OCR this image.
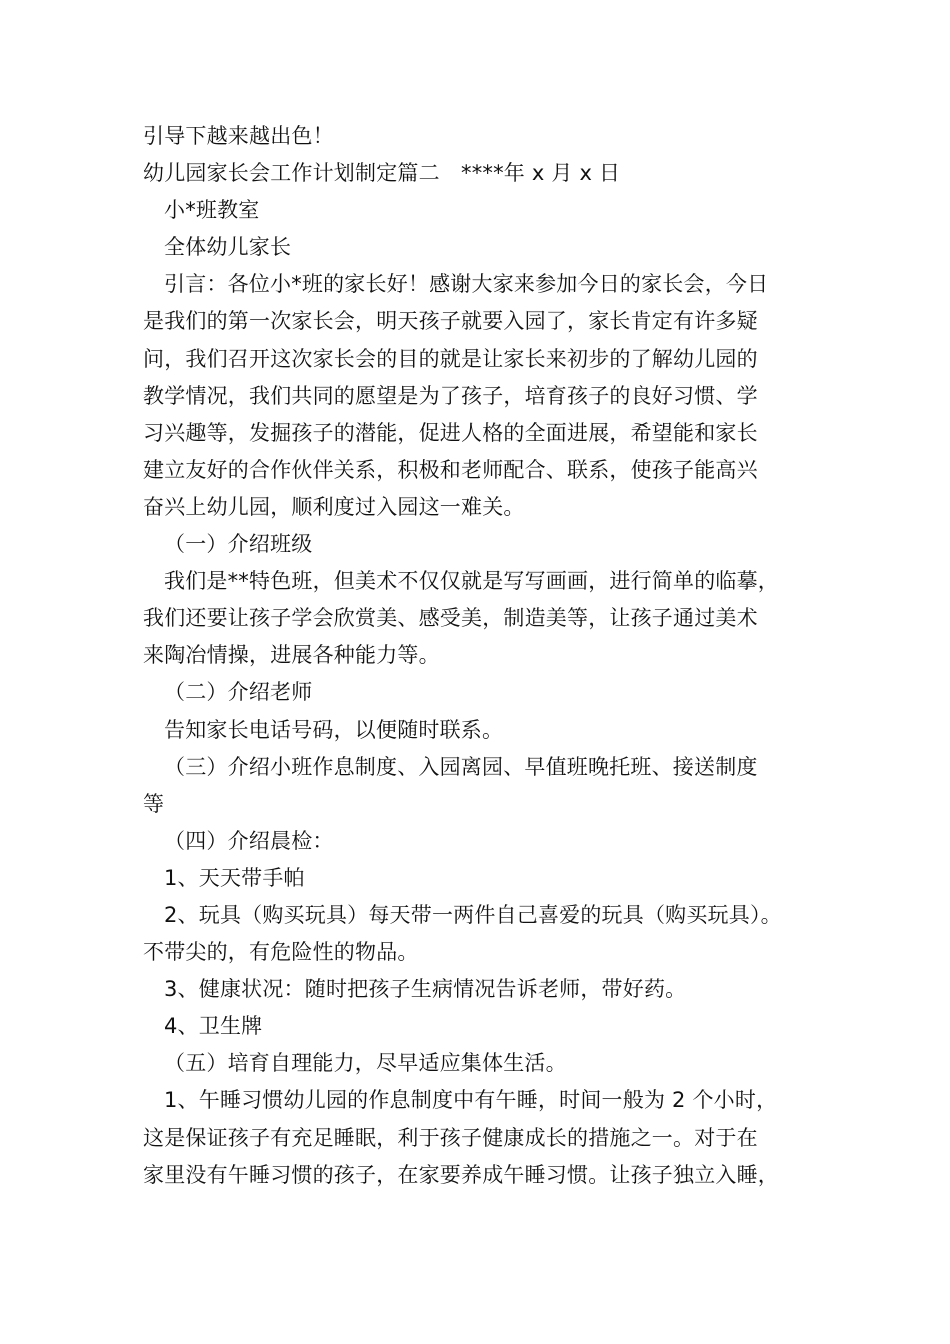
引导下越来越出色！
幼儿园家长会工作计划制定篇二　****年 x 月 x 日
小*班教室
全体幼儿家长
引言：各位小*班的家长好！感谢大家来参加今日的家长会，今日
是我们的第一次家长会，明天孩子就要入园了，家长肯定有许多疑
问，我们召开这次家长会的目的就是让家长来初步的了解幼儿园的
教学情况，我们共同的愿望是为了孩子，培育孩子的良好习惯、学
习兴趣等，发掘孩子的潜能，促进人格的全面进展，希望能和家长
建立友好的合作伙伴关系，积极和老师配合、联系，使孩子能高兴
奋兴上幼儿园，顺利度过入园这一难关。
（一）介绍班级
我们是**特色班，但美术不仅仅就是写写画画，进行简单的临摹，
我们还要让孩子学会欣赏美、感受美，制造美等，让孩子通过美术
来陶冶情操，进展各种能力等。
（二）介绍老师
告知家长电话号码，以便随时联系。
（三）介绍小班作息制度、入园离园、早值班晚托班、接送制度
等
（四）介绍晨检：
1、天天带手帕
2、玩具（购买玩具）每天带一两件自己喜爱的玩具（购买玩具）。
不带尖的，有危险性的物品。
3、健康状况：随时把孩子生病情况告诉老师，带好药。
4、卫生牌
（五）培育自理能力，尽早适应集体生活。
1、午睡习惯幼儿园的作息制度中有午睡，时间一般为 2 个小时，
这是保证孩子有充足睡眠，利于孩子健康成长的措施之一。对于在
家里没有午睡习惯的孩子，在家要养成午睡习惯。让孩子独立入睡，
